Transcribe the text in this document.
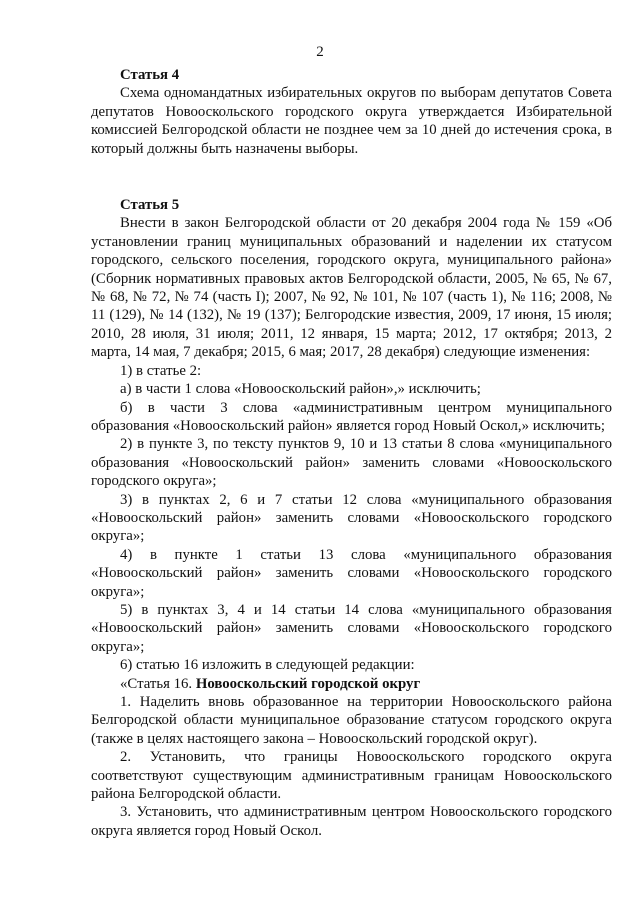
2
Статья 4

Схема одномандатных избирательных округов по выборам депутатов Совета депутатов Новооскольского городского округа утверждается Избирательной комиссией Белгородской области не позднее чем за 10 дней до истечения срока, в который должны быть назначены выборы.

Статья 5

Внести в закон Белгородской области от 20 декабря 2004 года № 159 «Об установлении границ муниципальных образований и наделении их статусом городского, сельского поселения, городского округа, муниципального района» (Сборник нормативных правовых актов Белгородской области, 2005, № 65, № 67, № 68, № 72, № 74 (часть I); 2007, № 92, № 101, № 107 (часть 1), № 116; 2008, № 11 (129), № 14 (132), № 19 (137); Белгородские известия, 2009, 17 июня, 15 июля; 2010, 28 июля, 31 июля; 2011, 12 января, 15 марта; 2012, 17 октября; 2013, 2 марта, 14 мая, 7 декабря; 2015, 6 мая; 2017, 28 декабря) следующие изменения:

1) в статье 2:

а) в части 1 слова «Новооскольский район»,» исключить;

б) в части 3 слова «административным центром муниципального образования «Новооскольский район» является город Новый Оскол,» исключить;

2) в пункте 3, по тексту пунктов 9, 10 и 13 статьи 8 слова «муниципального образования «Новооскольский район» заменить словами «Новооскольского городского округа»;

3) в пунктах 2, 6 и 7 статьи 12 слова «муниципального образования «Новооскольский район» заменить словами «Новооскольского городского округа»;

4) в пункте 1 статьи 13 слова «муниципального образования «Новооскольский район» заменить словами «Новооскольского городского округа»;

5) в пунктах 3, 4 и 14 статьи 14 слова «муниципального образования «Новооскольский район» заменить словами «Новооскольского городского округа»;

6) статью 16 изложить в следующей редакции:

«Статья 16. Новооскольский городской округ

1. Наделить вновь образованное на территории Новооскольского района Белгородской области муниципальное образование статусом городского округа (также в целях настоящего закона – Новооскольский городской округ).

2. Установить, что границы Новооскольского городского округа соответствуют существующим административным границам Новооскольского района Белгородской области.

3. Установить, что административным центром Новооскольского городского округа является город Новый Оскол.
